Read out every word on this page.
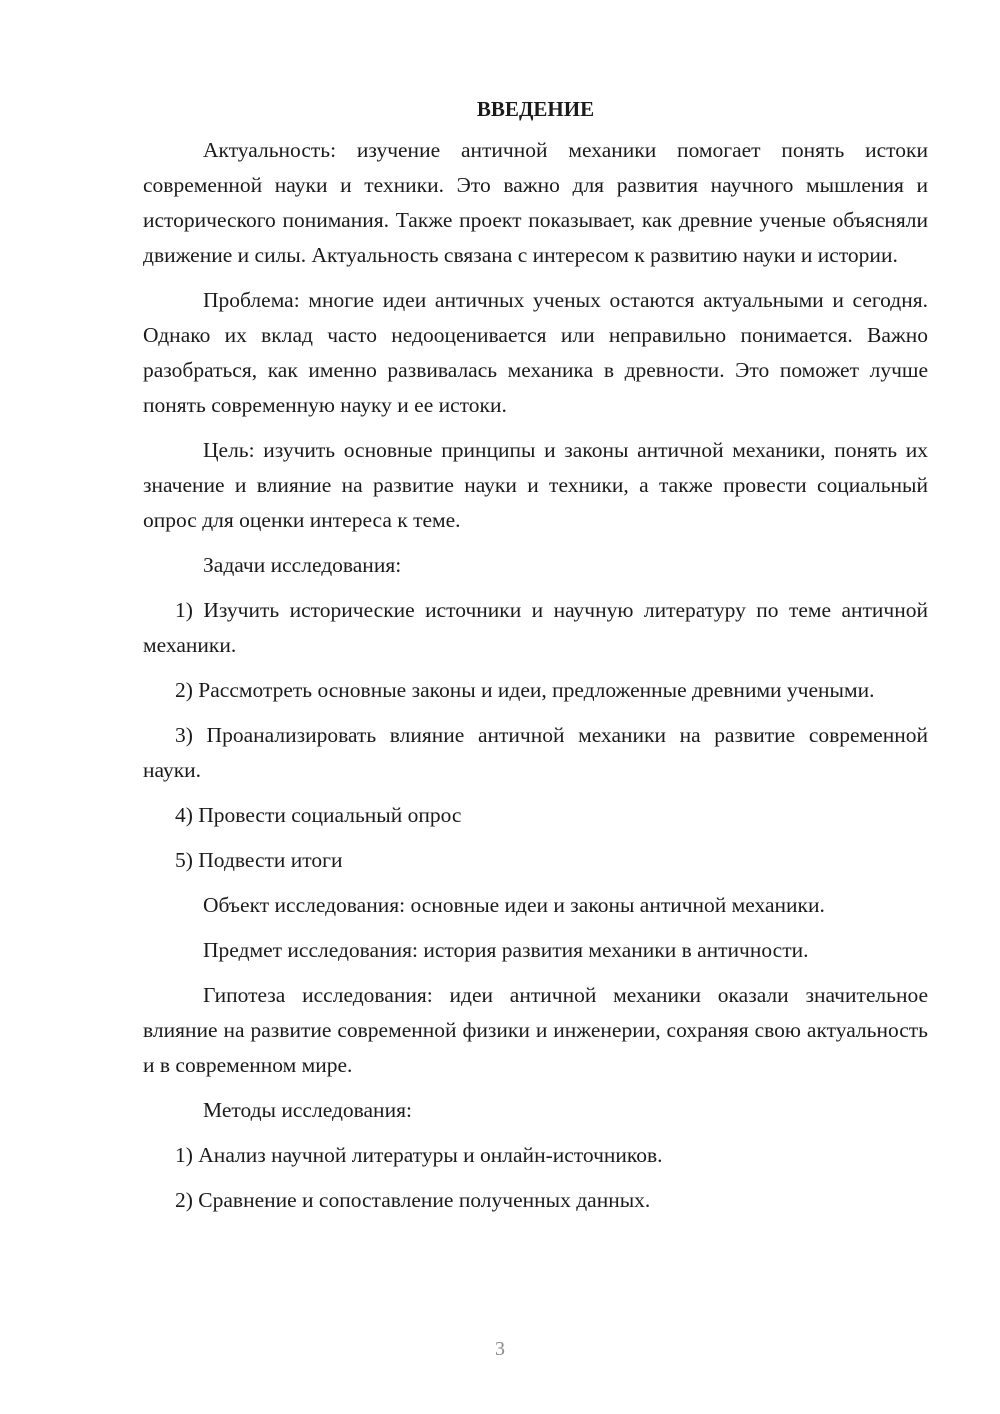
ВВЕДЕНИЕ

Актуальность: изучение античной механики помогает понять истоки современной науки и техники. Это важно для развития научного мышления и исторического понимания. Также проект показывает, как древние ученые объясняли движение и силы. Актуальность связана с интересом к развитию науки и истории.

Проблема: многие идеи античных ученых остаются актуальными и сегодня. Однако их вклад часто недооценивается или неправильно понимается. Важно разобраться, как именно развивалась механика в древности. Это поможет лучше понять современную науку и ее истоки.

Цель: изучить основные принципы и законы античной механики, понять их значение и влияние на развитие науки и техники, а также провести социальный опрос для оценки интереса к теме.

Задачи исследования:

1) Изучить исторические источники и научную литературу по теме античной механики.

2) Рассмотреть основные законы и идеи, предложенные древними учеными.

3) Проанализировать влияние античной механики на развитие современной науки.

4) Провести социальный опрос

5) Подвести итоги

Объект исследования: основные идеи и законы античной механики.

Предмет исследования: история развития механики в античности.

Гипотеза исследования: идеи античной механики оказали значительное влияние на развитие современной физики и инженерии, сохраняя свою актуальность и в современном мире.

Методы исследования:

1) Анализ научной литературы и онлайн-источников.

2) Сравнение и сопоставление полученных данных.

3
